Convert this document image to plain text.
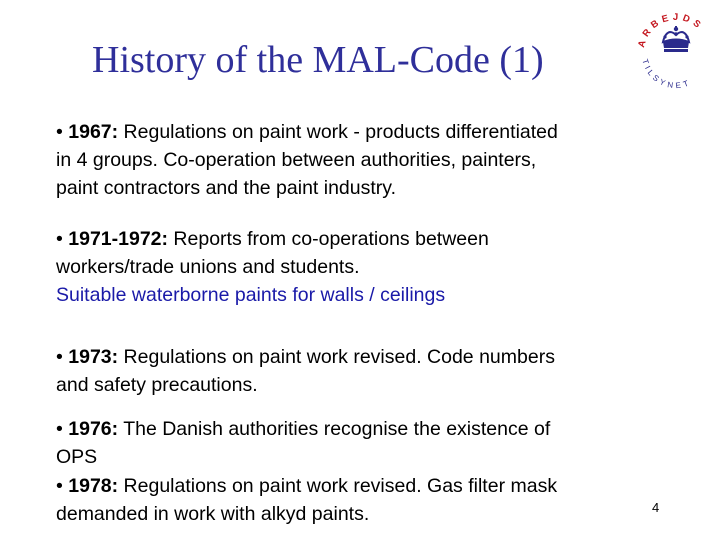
History of the MAL-Code (1)	ARBEJDS
TILSYNET
• 1967: Regulations on paint work - products differentiated
in 4 groups. Co-operation between authorities, painters,
paint contractors and the paint industry.
• 1971-1972: Reports from co-operations between
workers/trade unions and students.
Suitable waterborne paints for walls / ceilings
• 1973: Regulations on paint work revised. Code numbers
and safety precautions.
• 1976: The Danish authorities recognise the existence of
OPS
• 1978: Regulations on paint work revised. Gas filter mask
demanded in work with alkyd paints.	4
